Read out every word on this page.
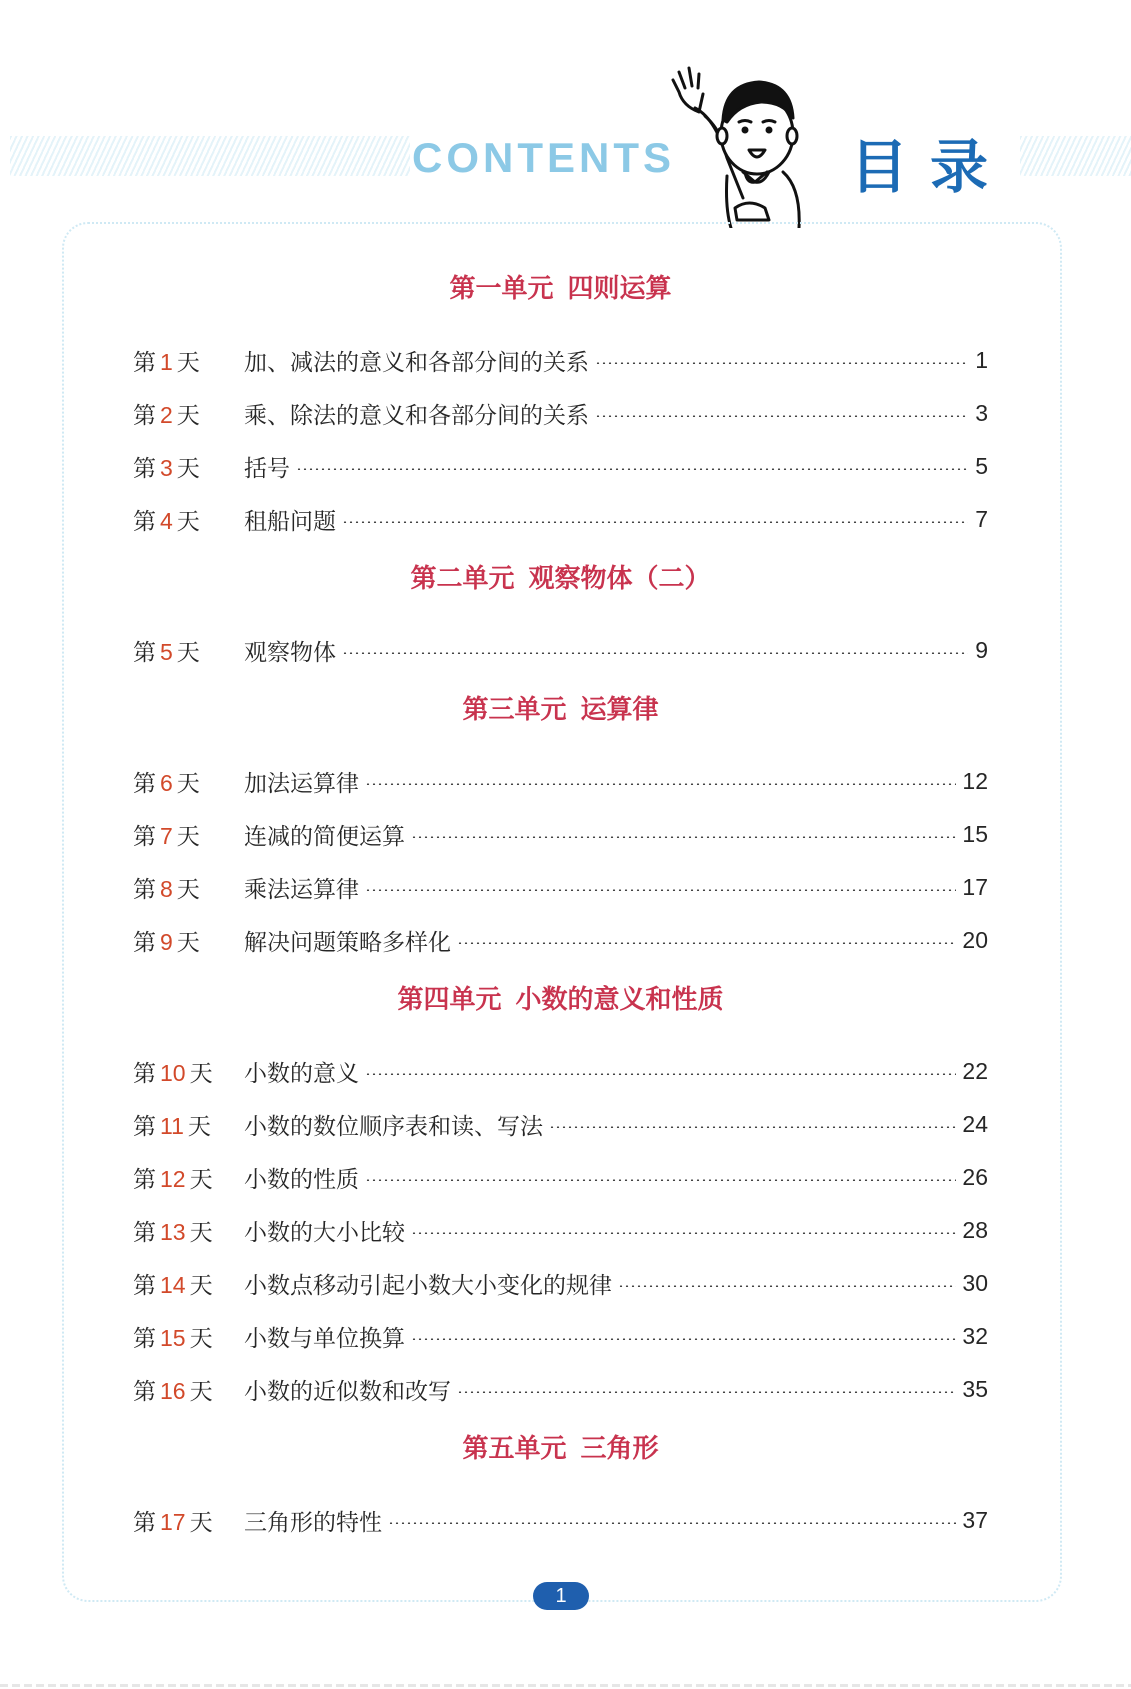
CONTENTS	目录
第一单元 四则运算
第 1 天 加、减法的意义和各部分间的关系	1
第 2 天 乘、除法的意义和各部分间的关系	3
第 3 天 括号	5
第 4 天 租船问题	7
第二单元 观察物体（二）
第 5 天 观察物体	9
第三单元 运算律
第 6 天 加法运算律	12
第 7 天 连减的简便运算	15
第 8 天 乘法运算律	17
第 9 天 解决问题策略多样化	20
第四单元 小数的意义和性质
第 10 天 小数的意义	22
第 11 天 小数的数位顺序表和读、写法	24
第 12 天 小数的性质	26
第 13 天 小数的大小比较	28
第 14 天 小数点移动引起小数大小变化的规律	30
第 15 天 小数与单位换算	32
第 16 天 小数的近似数和改写	35
第五单元 三角形
第 17 天 三角形的特性	37
1
